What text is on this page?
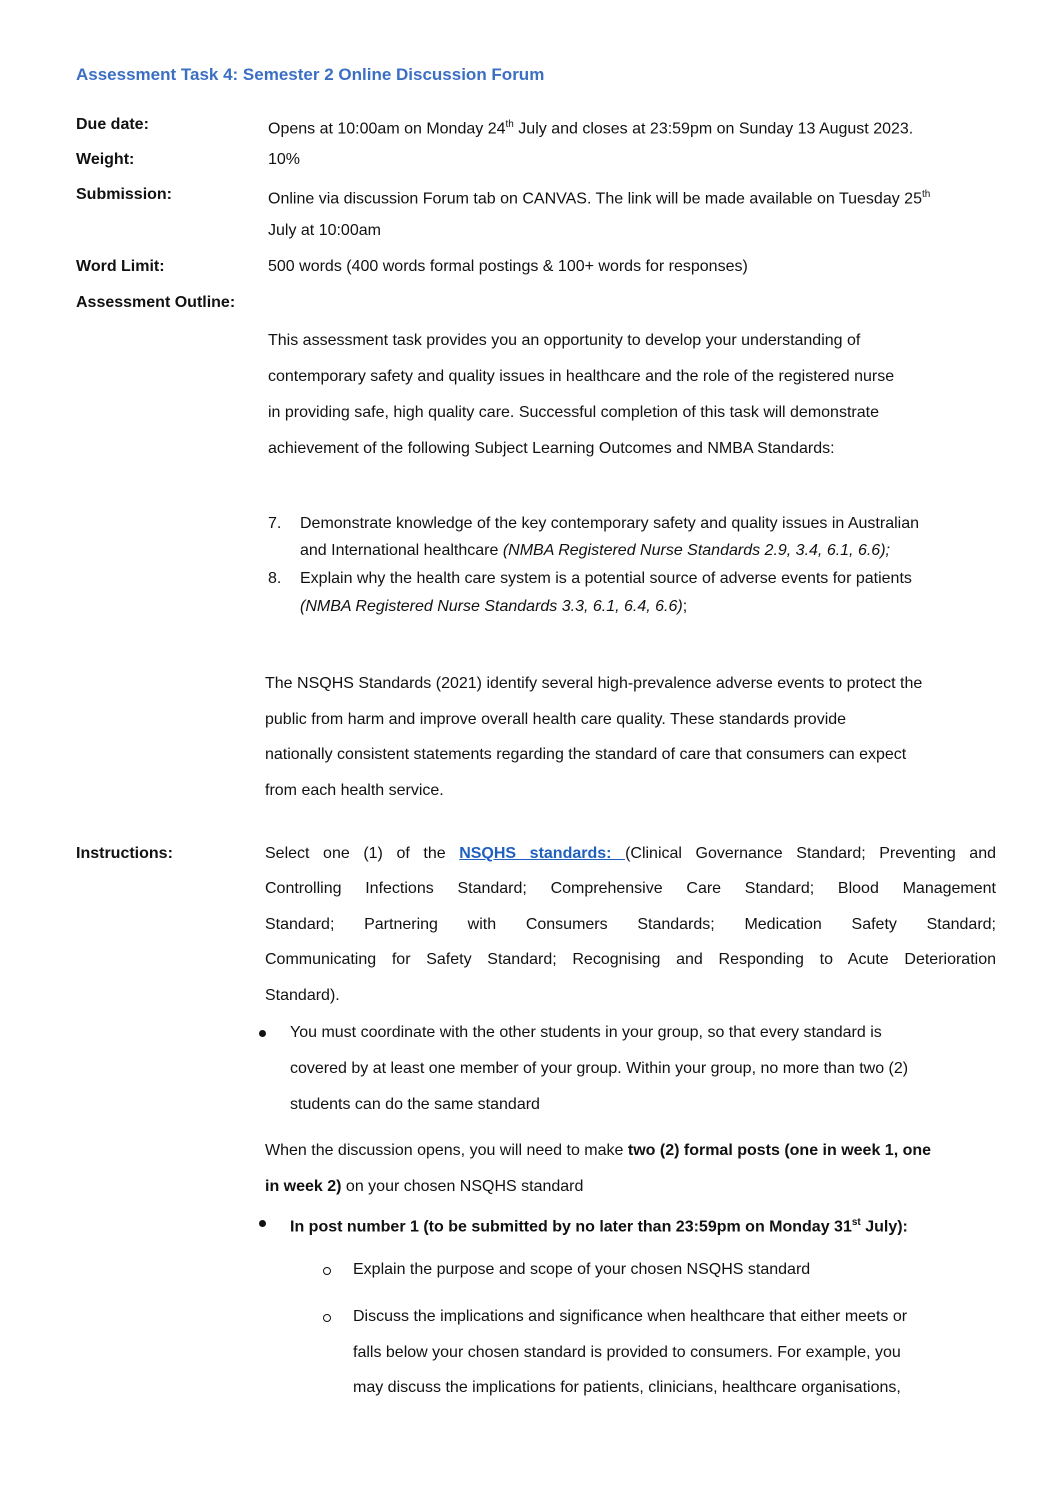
Assessment Task 4: Semester 2 Online Discussion Forum
Due date:	Opens at 10:00am on Monday 24th July and closes at 23:59pm on Sunday 13 August 2023.
Weight:	10%
Submission:	Online via discussion Forum tab on CANVAS. The link will be made available on Tuesday 25th
July at 10:00am
Word Limit:	500 words (400 words formal postings & 100+ words for responses)
Assessment Outline:
This assessment task provides you an opportunity to develop your understanding of
contemporary safety and quality issues in healthcare and the role of the registered nurse
in providing safe, high quality care. Successful completion of this task will demonstrate
achievement of the following Subject Learning Outcomes and NMBA Standards:
7. Demonstrate knowledge of the key contemporary safety and quality issues in Australian
and International healthcare (NMBA Registered Nurse Standards 2.9, 3.4, 6.1, 6.6);
8. Explain why the health care system is a potential source of adverse events for patients
(NMBA Registered Nurse Standards 3.3, 6.1, 6.4, 6.6);
The NSQHS Standards (2021) identify several high-prevalence adverse events to protect the
public from harm and improve overall health care quality. These standards provide
nationally consistent statements regarding the standard of care that consumers can expect
from each health service.
Instructions:	Select one (1) of the NSQHS standards: (Clinical Governance Standard; Preventing and
Controlling Infections Standard; Comprehensive Care Standard; Blood Management
Standard; Partnering with Consumers Standards; Medication Safety Standard;
Communicating for Safety Standard; Recognising and Responding to Acute Deterioration
Standard).
You must coordinate with the other students in your group, so that every standard is
covered by at least one member of your group. Within your group, no more than two (2)
students can do the same standard
When the discussion opens, you will need to make two (2) formal posts (one in week 1, one
in week 2) on your chosen NSQHS standard
In post number 1 (to be submitted by no later than 23:59pm on Monday 31st July):
Explain the purpose and scope of your chosen NSQHS standard
Discuss the implications and significance when healthcare that either meets or
falls below your chosen standard is provided to consumers. For example, you
may discuss the implications for patients, clinicians, healthcare organisations,
